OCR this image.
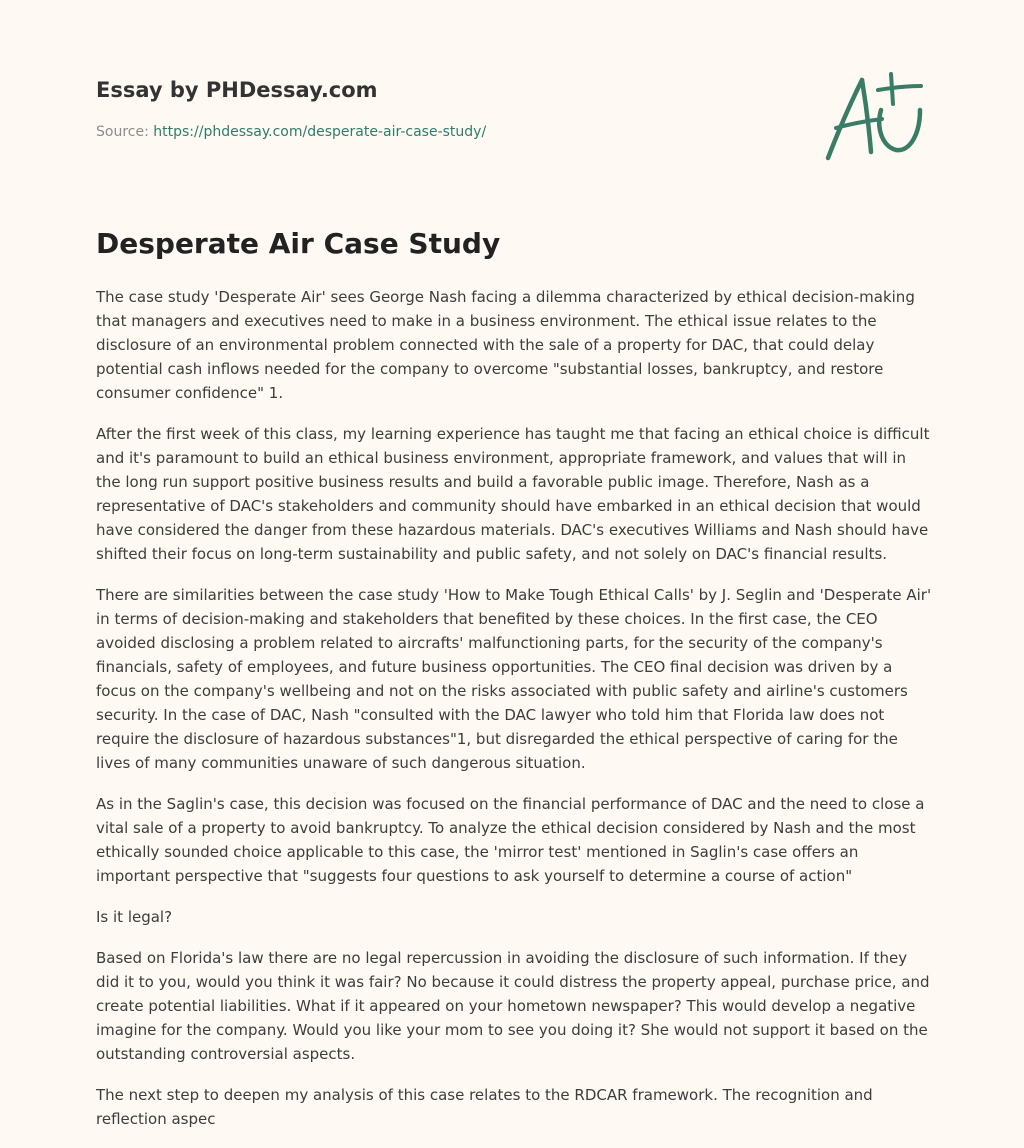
Essay by PHDessay.com
Source: https://phdessay.com/desperate-air-case-study/
Desperate Air Case Study

The case study 'Desperate Air' sees George Nash facing a dilemma characterized by ethical decision-making that managers and executives need to make in a business environment. The ethical issue relates to the disclosure of an environmental problem connected with the sale of a property for DAC, that could delay potential cash inflows needed for the company to overcome "substantial losses, bankruptcy, and restore consumer confidence" 1.

After the first week of this class, my learning experience has taught me that facing an ethical choice is difficult and it's paramount to build an ethical business environment, appropriate framework, and values that will in the long run support positive business results and build a favorable public image. Therefore, Nash as a representative of DAC's stakeholders and community should have embarked in an ethical decision that would have considered the danger from these hazardous materials. DAC's executives Williams and Nash should have shifted their focus on long-term sustainability and public safety, and not solely on DAC's financial results.

There are similarities between the case study 'How to Make Tough Ethical Calls' by J. Seglin and 'Desperate Air' in terms of decision-making and stakeholders that benefited by these choices. In the first case, the CEO avoided disclosing a problem related to aircrafts' malfunctioning parts, for the security of the company's financials, safety of employees, and future business opportunities. The CEO final decision was driven by a focus on the company's wellbeing and not on the risks associated with public safety and airline's customers security. In the case of DAC, Nash "consulted with the DAC lawyer who told him that Florida law does not require the disclosure of hazardous substances"1, but disregarded the ethical perspective of caring for the lives of many communities unaware of such dangerous situation.

As in the Saglin's case, this decision was focused on the financial performance of DAC and the need to close a vital sale of a property to avoid bankruptcy. To analyze the ethical decision considered by Nash and the most ethically sounded choice applicable to this case, the 'mirror test' mentioned in Saglin's case offers an important perspective that "suggests four questions to ask yourself to determine a course of action"

Is it legal?

Based on Florida's law there are no legal repercussion in avoiding the disclosure of such information. If they did it to you, would you think it was fair? No because it could distress the property appeal, purchase price, and create potential liabilities. What if it appeared on your hometown newspaper? This would develop a negative imagine for the company. Would you like your mom to see you doing it? She would not support it based on the outstanding controversial aspects.

The next step to deepen my analysis of this case relates to the RDCAR framework. The recognition and reflection aspec
